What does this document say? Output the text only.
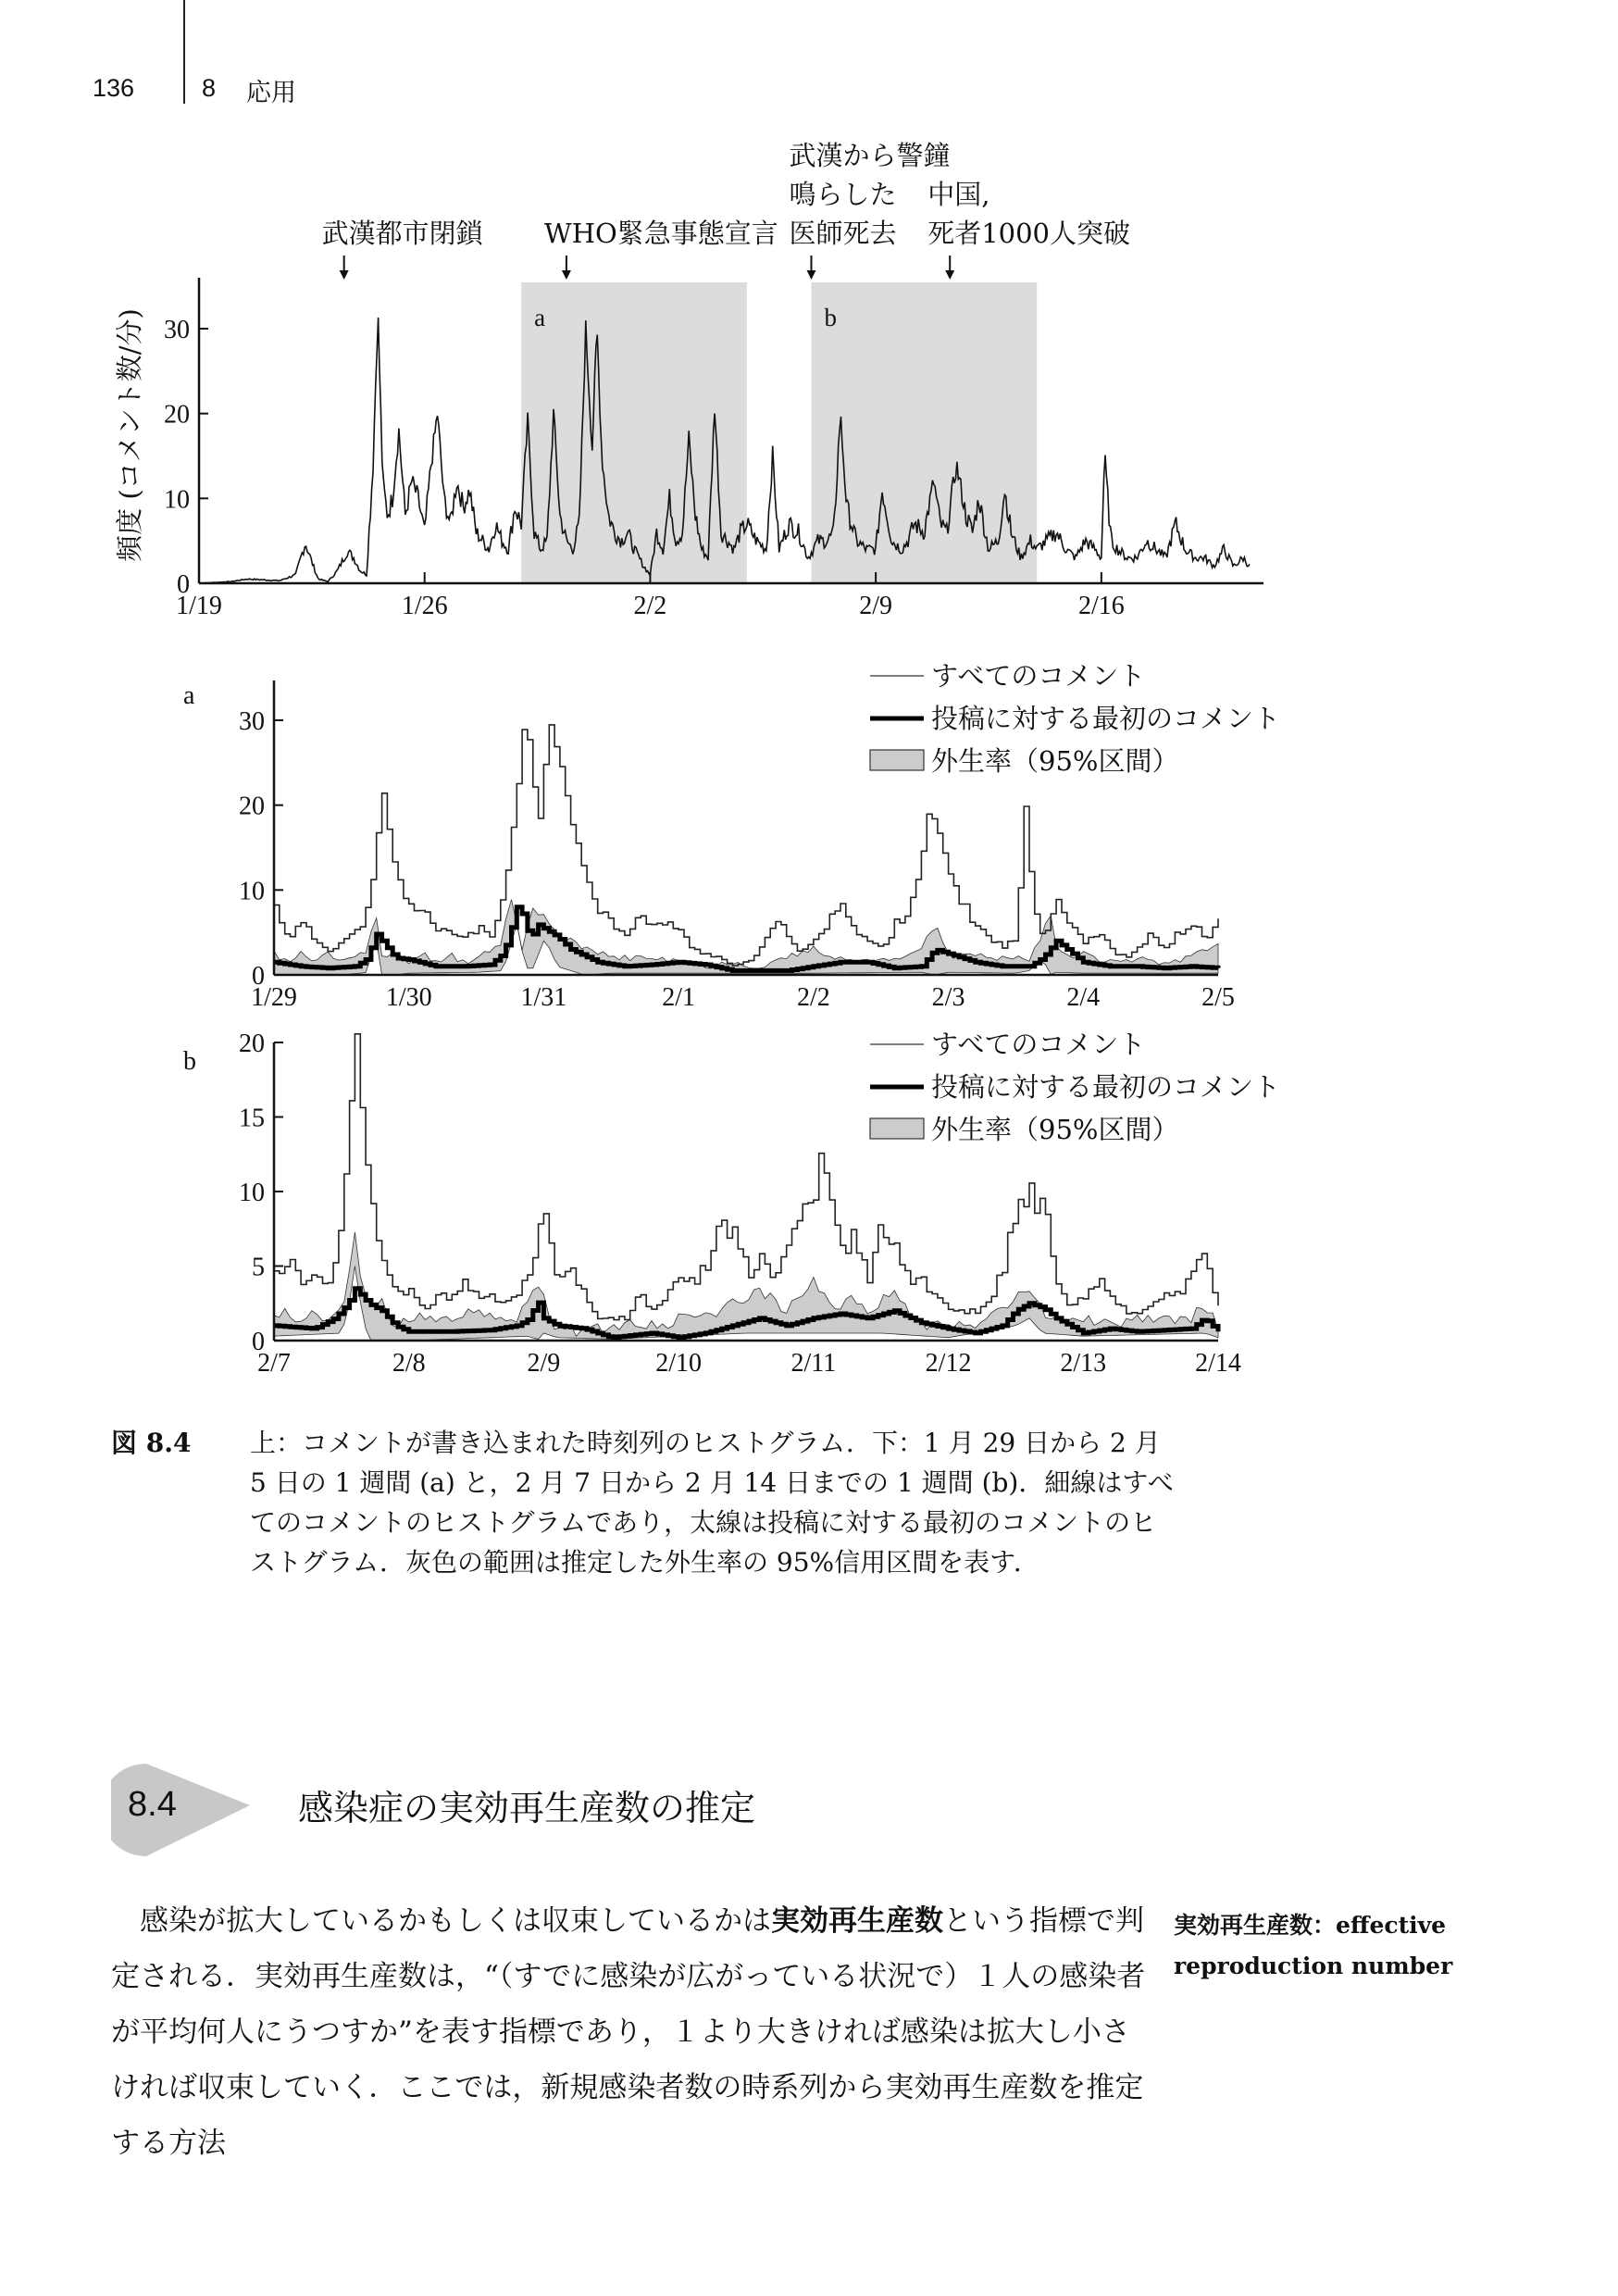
136	8 応用
a	b
武漢都市閉鎖 WHO緊急事態宣言
武漢から警鐘
鳴らした
医師死去
中国,
死者1000人突破
0
10
20
30
1/19	1/26	2/2	2/9	2/16
頻度 (コメント数/分)
a
0
10
20
30
1/29	1/30	1/31	2/1	2/2	2/3	2/4	2/5
すべてのコメント
投稿に対する最初のコメント
外生率（95%区間）
b
0
5
10
15
20
2/7	2/8	2/9	2/10	2/11	2/12	2/13	2/14
すべてのコメント
投稿に対する最初のコメント
外生率（95%区間）
図 8.4 上：コメントが書き込まれた時刻列のヒストグラム．下：1 月 29 日から 2 月 5 日の 1 週間 (a) と，2 月 7 日から 2 月 14 日までの 1 週間 (b)．細線はすべてのコメントのヒストグラムであり，太線は投稿に対する最初のコメントのヒストグラム．灰色の範囲は推定した外生率の 95%信用区間を表す．
8.4	感染症の実効再生産数の推定

感染が拡大しているかもしくは収束しているかは実効再生産数という指標で判定される．実効再生産数は，“（すでに感染が広がっている状況で）１人の感染者が平均何人にうつすか”を表す指標であり，１より大きければ感染は拡大し小さければ収束していく．ここでは，新規感染者数の時系列から実効再生産数を推定する方法

実効再生産数：effective reproduction number
